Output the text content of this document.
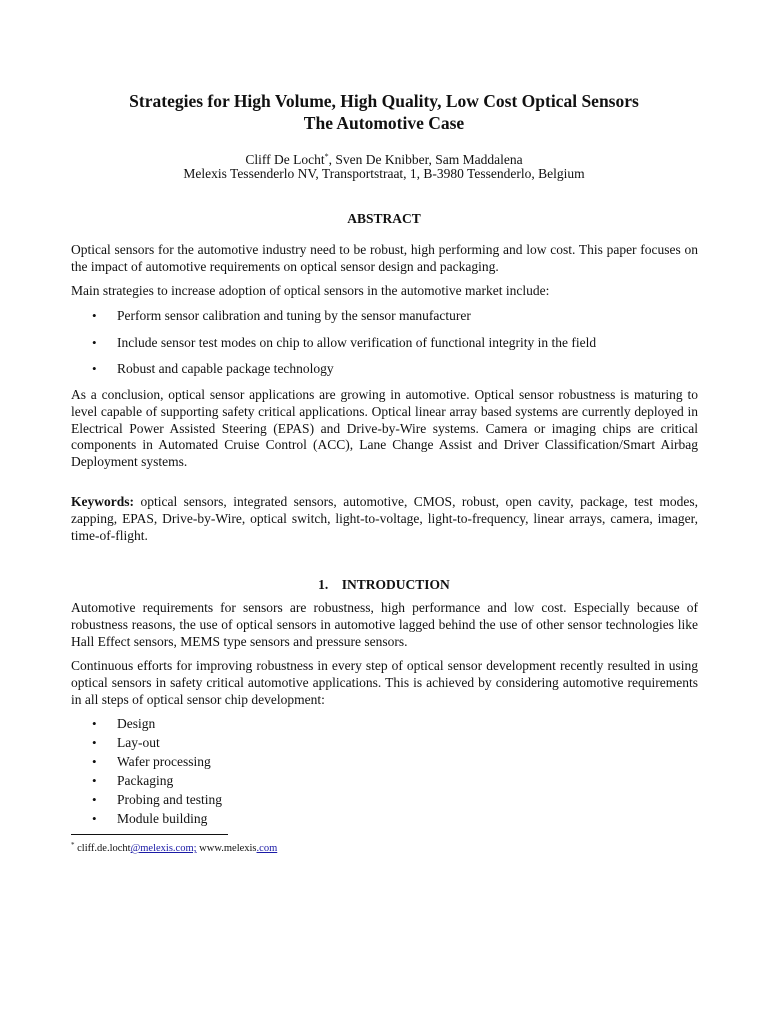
Strategies for High Volume, High Quality, Low Cost Optical Sensors
The Automotive Case
Cliff De Locht*, Sven De Knibber, Sam Maddalena
Melexis Tessenderlo NV, Transportstraat, 1, B-3980 Tessenderlo, Belgium
ABSTRACT

Optical sensors for the automotive industry need to be robust, high performing and low cost. This paper focuses on the impact of automotive requirements on optical sensor design and packaging.

Main strategies to increase adoption of optical sensors in the automotive market include:

• Perform sensor calibration and tuning by the sensor manufacturer
• Include sensor test modes on chip to allow verification of functional integrity in the field
• Robust and capable package technology

As a conclusion, optical sensor applications are growing in automotive. Optical sensor robustness is maturing to level capable of supporting safety critical applications. Optical linear array based systems are currently deployed in Electrical Power Assisted Steering (EPAS) and Drive-by-Wire systems. Camera or imaging chips are critical components in Automated Cruise Control (ACC), Lane Change Assist and Driver Classification/Smart Airbag Deployment systems.

Keywords: optical sensors, integrated sensors, automotive, CMOS, robust, open cavity, package, test modes, zapping, EPAS, Drive-by-Wire, optical switch, light-to-voltage, light-to-frequency, linear arrays, camera, imager, time-of-flight.

1.    INTRODUCTION

Automotive requirements for sensors are robustness, high performance and low cost. Especially because of robustness reasons, the use of optical sensors in automotive lagged behind the use of other sensor technologies like Hall Effect sensors, MEMS type sensors and pressure sensors.

Continuous efforts for improving robustness in every step of optical sensor development recently resulted in using optical sensors in safety critical automotive applications. This is achieved by considering automotive requirements in all steps of optical sensor chip development:

• Design
• Lay-out
• Wafer processing
• Packaging
• Probing and testing
• Module building
* cliff.de.locht@melexis.com; www.melexis.com
